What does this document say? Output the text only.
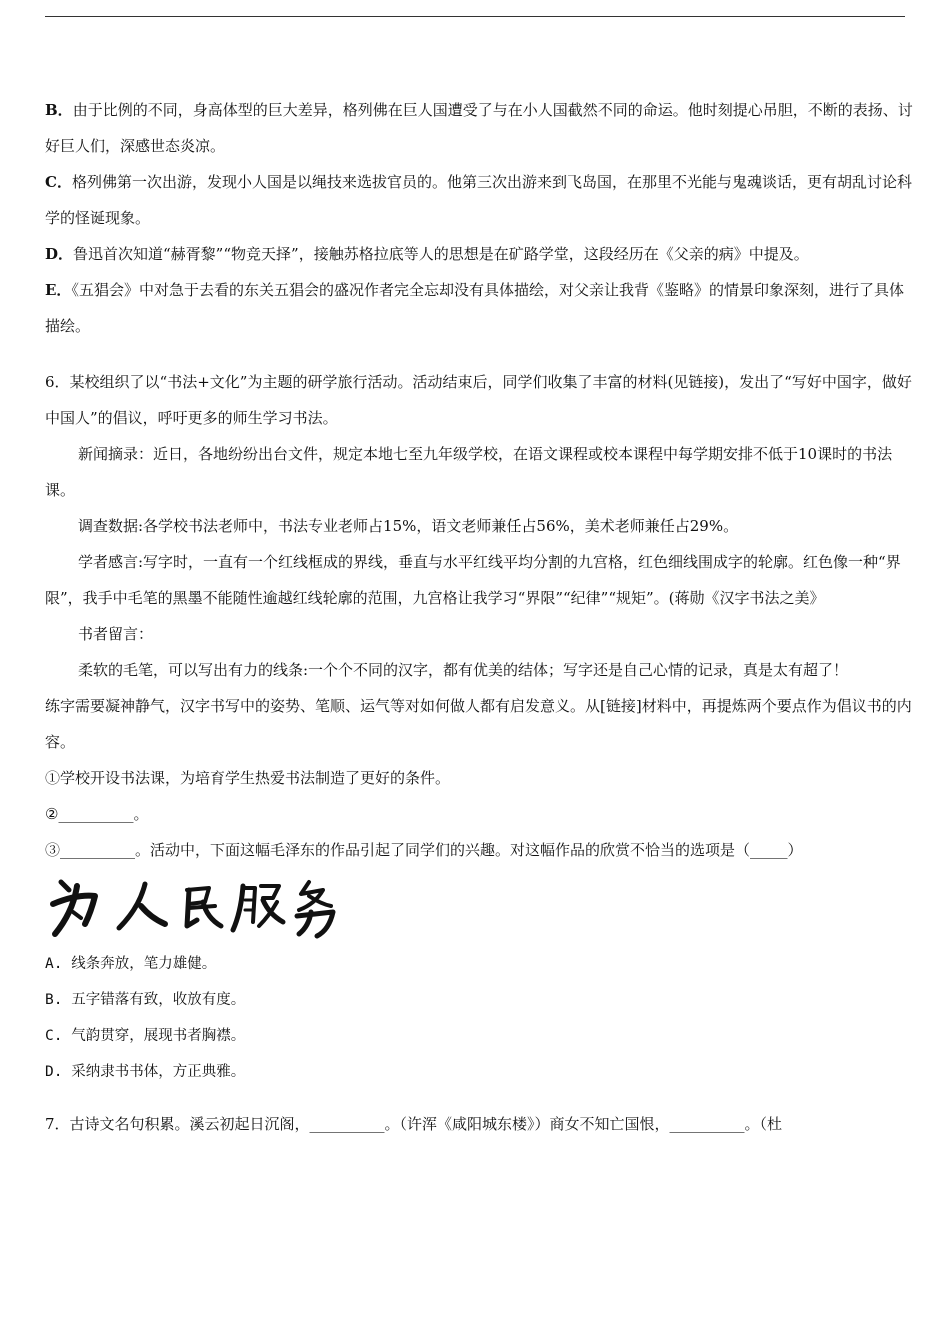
B．由于比例的不同，身高体型的巨大差异，格列佛在巨人国遭受了与在小人国截然不同的命运。他时刻提心吊胆，不断的表扬、讨好巨人们，深感世态炎凉。

C．格列佛第一次出游，发现小人国是以绳技来选拔官员的。他第三次出游来到飞岛国，在那里不光能与鬼魂谈话，更有胡乱讨论科学的怪诞现象。

D．鲁迅首次知道“赫胥黎”“物竞天择”，接触苏格拉底等人的思想是在矿路学堂，这段经历在《父亲的病》中提及。

E．《五猖会》中对急于去看的东关五猖会的盛况作者完全忘却没有具体描绘，对父亲让我背《鉴略》的情景印象深刻，进行了具体描绘。

6．某校组织了以“书法+文化”为主题的研学旅行活动。活动结束后，同学们收集了丰富的材料(见链接)，发出了“写好中国字，做好中国人”的倡议，呼吁更多的师生学习书法。

新闻摘录：近日，各地纷纷出台文件，规定本地七至九年级学校，在语文课程或校本课程中每学期安排不低于10课时的书法课。

调查数据:各学校书法老师中，书法专业老师占15%，语文老师兼任占56%，美术老师兼任占29%。

学者感言:写字时，一直有一个红线框成的界线，垂直与水平红线平均分割的九宫格，红色细线围成字的轮廓。红色像一种“界限”，我手中毛笔的黑墨不能随性逾越红线轮廓的范围，九宫格让我学习“界限”“纪律”“规矩”。(蒋勋《汉字书法之美》

书者留言：

柔软的毛笔，可以写出有力的线条:一个个不同的汉字，都有优美的结体；写字还是自己心情的记录，真是太有超了！

练字需要凝神静气，汉字书写中的姿势、笔顺、运气等对如何做人都有启发意义。从[链接]材料中，再提炼两个要点作为倡议书的内容。

①学校开设书法课，为培育学生热爱书法制造了更好的条件。

②__________。

③__________。活动中，下面这幅毛泽东的作品引起了同学们的兴趣。对这幅作品的欣赏不恰当的选项是（_____）

A. 线条奔放，笔力雄健。

B. 五字错落有致，收放有度。

C. 气韵贯穿，展现书者胸襟。

D. 采纳隶书书体，方正典雅。

7．古诗文名句积累。溪云初起日沉阁，__________。（许浑《咸阳城东楼》）商女不知亡国恨，__________。（杜
